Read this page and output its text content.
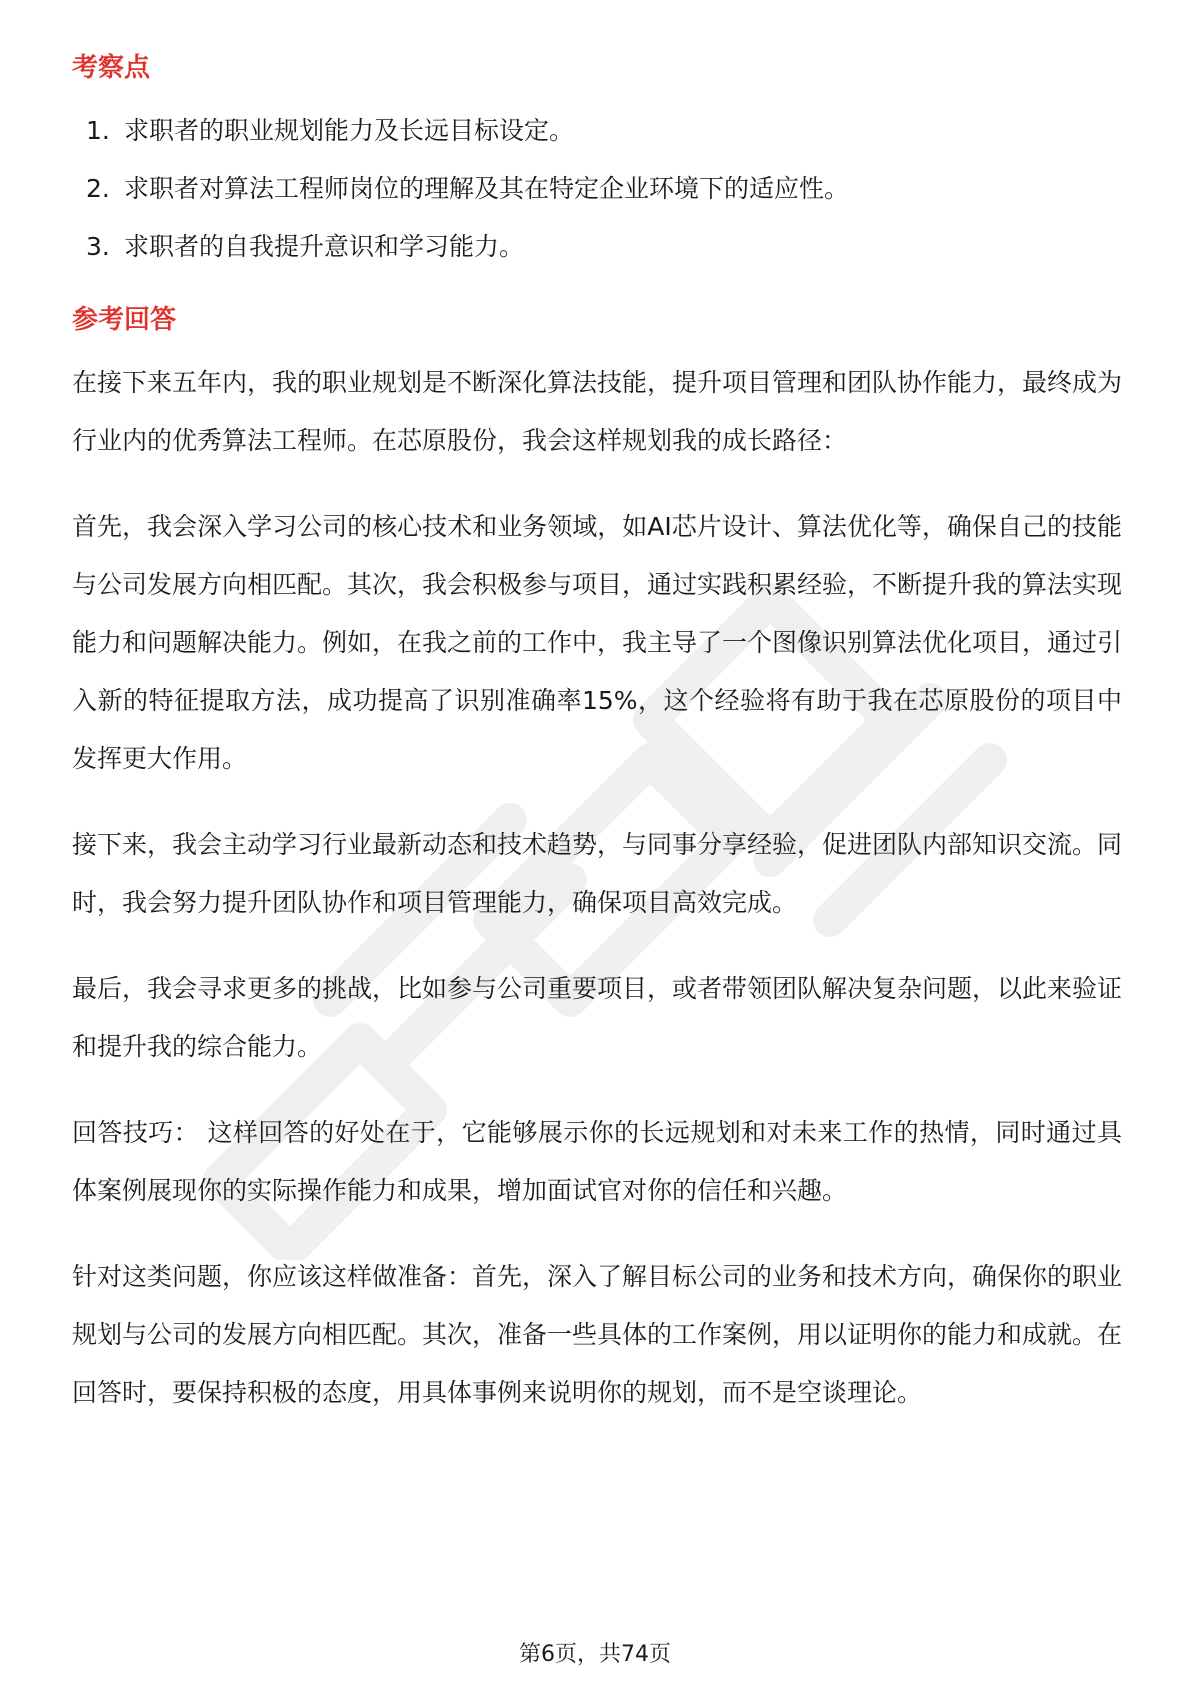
考察点
1. 求职者的职业规划能力及长远目标设定。
2. 求职者对算法工程师岗位的理解及其在特定企业环境下的适应性。
3. 求职者的自我提升意识和学习能力。
参考回答

在接下来五年内，我的职业规划是不断深化算法技能，提升项目管理和团队协作能力，最终成为行业内的优秀算法工程师。在芯原股份，我会这样规划我的成长路径：

首先，我会深入学习公司的核心技术和业务领域，如AI芯片设计、算法优化等，确保自己的技能与公司发展方向相匹配。其次，我会积极参与项目，通过实践积累经验，不断提升我的算法实现能力和问题解决能力。例如，在我之前的工作中，我主导了一个图像识别算法优化项目，通过引入新的特征提取方法，成功提高了识别准确率15%，这个经验将有助于我在芯原股份的项目中发挥更大作用。

接下来，我会主动学习行业最新动态和技术趋势，与同事分享经验，促进团队内部知识交流。同时，我会努力提升团队协作和项目管理能力，确保项目高效完成。

最后，我会寻求更多的挑战，比如参与公司重要项目，或者带领团队解决复杂问题，以此来验证和提升我的综合能力。

回答技巧： 这样回答的好处在于，它能够展示你的长远规划和对未来工作的热情，同时通过具体案例展现你的实际操作能力和成果，增加面试官对你的信任和兴趣。

针对这类问题，你应该这样做准备：首先，深入了解目标公司的业务和技术方向，确保你的职业规划与公司的发展方向相匹配。其次，准备一些具体的工作案例，用以证明你的能力和成就。在回答时，要保持积极的态度，用具体事例来说明你的规划，而不是空谈理论。

第6页，共74页
